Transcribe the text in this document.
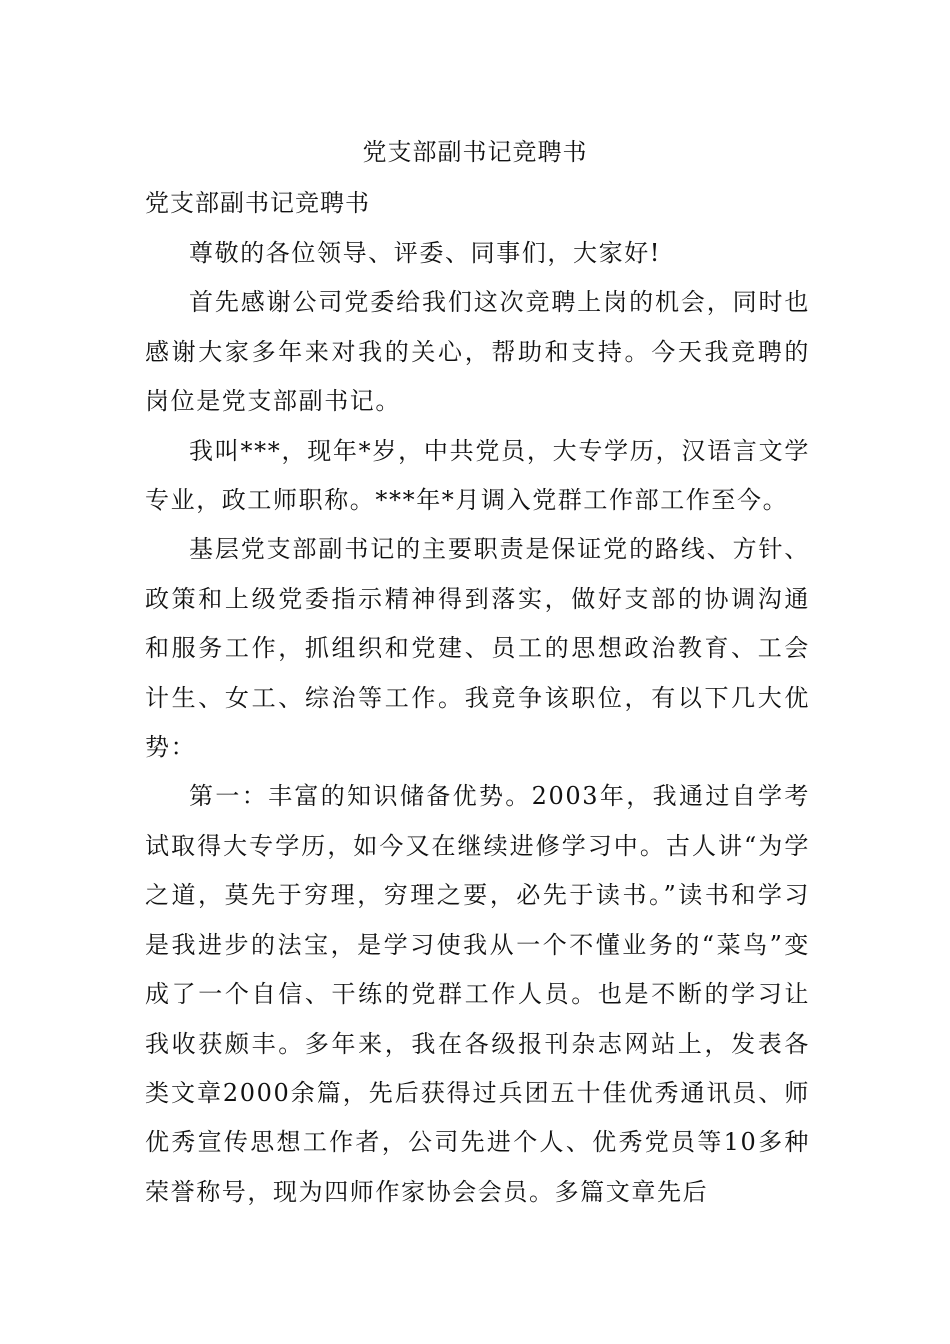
党支部副书记竞聘书
党支部副书记竞聘书

尊敬的各位领导、评委、同事们，大家好!

首先感谢公司党委给我们这次竞聘上岗的机会，同时也感谢大家多年来对我的关心，帮助和支持。今天我竞聘的岗位是党支部副书记。

我叫***，现年*岁，中共党员，大专学历，汉语言文学专业，政工师职称。***年*月调入党群工作部工作至今。

基层党支部副书记的主要职责是保证党的路线、方针、政策和上级党委指示精神得到落实，做好支部的协调沟通和服务工作，抓组织和党建、员工的思想政治教育、工会计生、女工、综治等工作。我竞争该职位，有以下几大优势：

第一：丰富的知识储备优势。2003年，我通过自学考试取得大专学历，如今又在继续进修学习中。古人讲“为学之道，莫先于穷理，穷理之要，必先于读书。”读书和学习是我进步的法宝，是学习使我从一个不懂业务的“菜鸟”变成了一个自信、干练的党群工作人员。也是不断的学习让我收获颇丰。多年来，我在各级报刊杂志网站上，发表各类文章2000余篇，先后获得过兵团五十佳优秀通讯员、师优秀宣传思想工作者，公司先进个人、优秀党员等10多种荣誉称号，现为四师作家协会会员。多篇文章先后
